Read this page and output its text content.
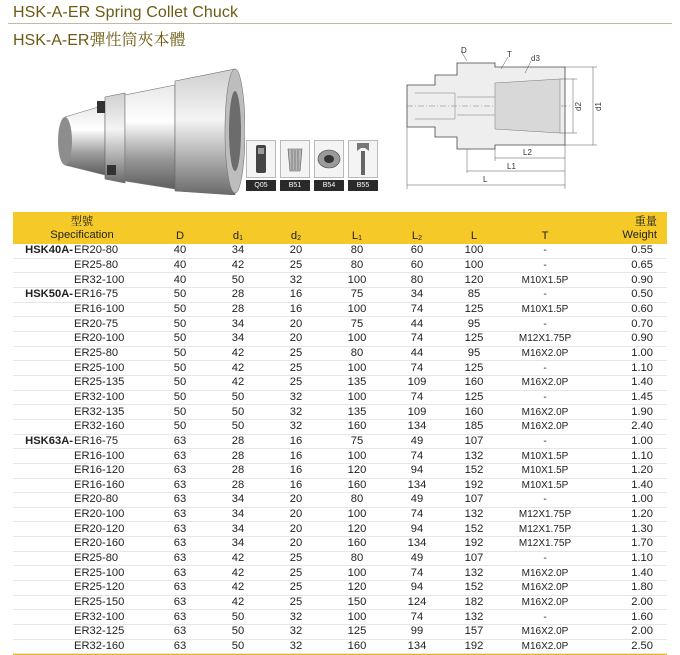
HSK-A-ER Spring Collet Chuck
HSK-A-ER彈性筒夾本體
Q05	B51	B54	B55
D	T d3
d2 d1
L2
L1
L
型號
Specification		D	$d_1$	$d_2$	$L_1$	$L_2$	L	T	重量
Weight

HSK40A-	ER20-80	40	34	20	80	60	100	-	0.55
	ER25-80	40	42	25	80	60	100	-	0.65
	ER32-100	40	50	32	100	80	120	M10X1.5P	0.90
HSK50A-	ER16-75	50	28	16	75	34	85	-	0.50
	ER16-100	50	28	16	100	74	125	M10X1.5P	0.60
	ER20-75	50	34	20	75	44	95	-	0.70
	ER20-100	50	34	20	100	74	125	M12X1.75P	0.90
	ER25-80	50	42	25	80	44	95	M16X2.0P	1.00
	ER25-100	50	42	25	100	74	125	-	1.10
	ER25-135	50	42	25	135	109	160	M16X2.0P	1.40
	ER32-100	50	50	32	100	74	125	-	1.45
	ER32-135	50	50	32	135	109	160	M16X2.0P	1.90
	ER32-160	50	50	32	160	134	185	M16X2.0P	2.40
HSK63A-	ER16-75	63	28	16	75	49	107	-	1.00
	ER16-100	63	28	16	100	74	132	M10X1.5P	1.10
	ER16-120	63	28	16	120	94	152	M10X1.5P	1.20
	ER16-160	63	28	16	160	134	192	M10X1.5P	1.40
	ER20-80	63	34	20	80	49	107	-	1.00
	ER20-100	63	34	20	100	74	132	M12X1.75P	1.20
	ER20-120	63	34	20	120	94	152	M12X1.75P	1.30
	ER20-160	63	34	20	160	134	192	M12X1.75P	1.70
	ER25-80	63	42	25	80	49	107	-	1.10
	ER25-100	63	42	25	100	74	132	M16X2.0P	1.40
	ER25-120	63	42	25	120	94	152	M16X2.0P	1.80
	ER25-150	63	42	25	150	124	182	M16X2.0P	2.00
	ER32-100	63	50	32	100	74	132	-	1.60
	ER32-125	63	50	32	125	99	157	M16X2.0P	2.00
	ER32-160	63	50	32	160	134	192	M16X2.0P	2.50
